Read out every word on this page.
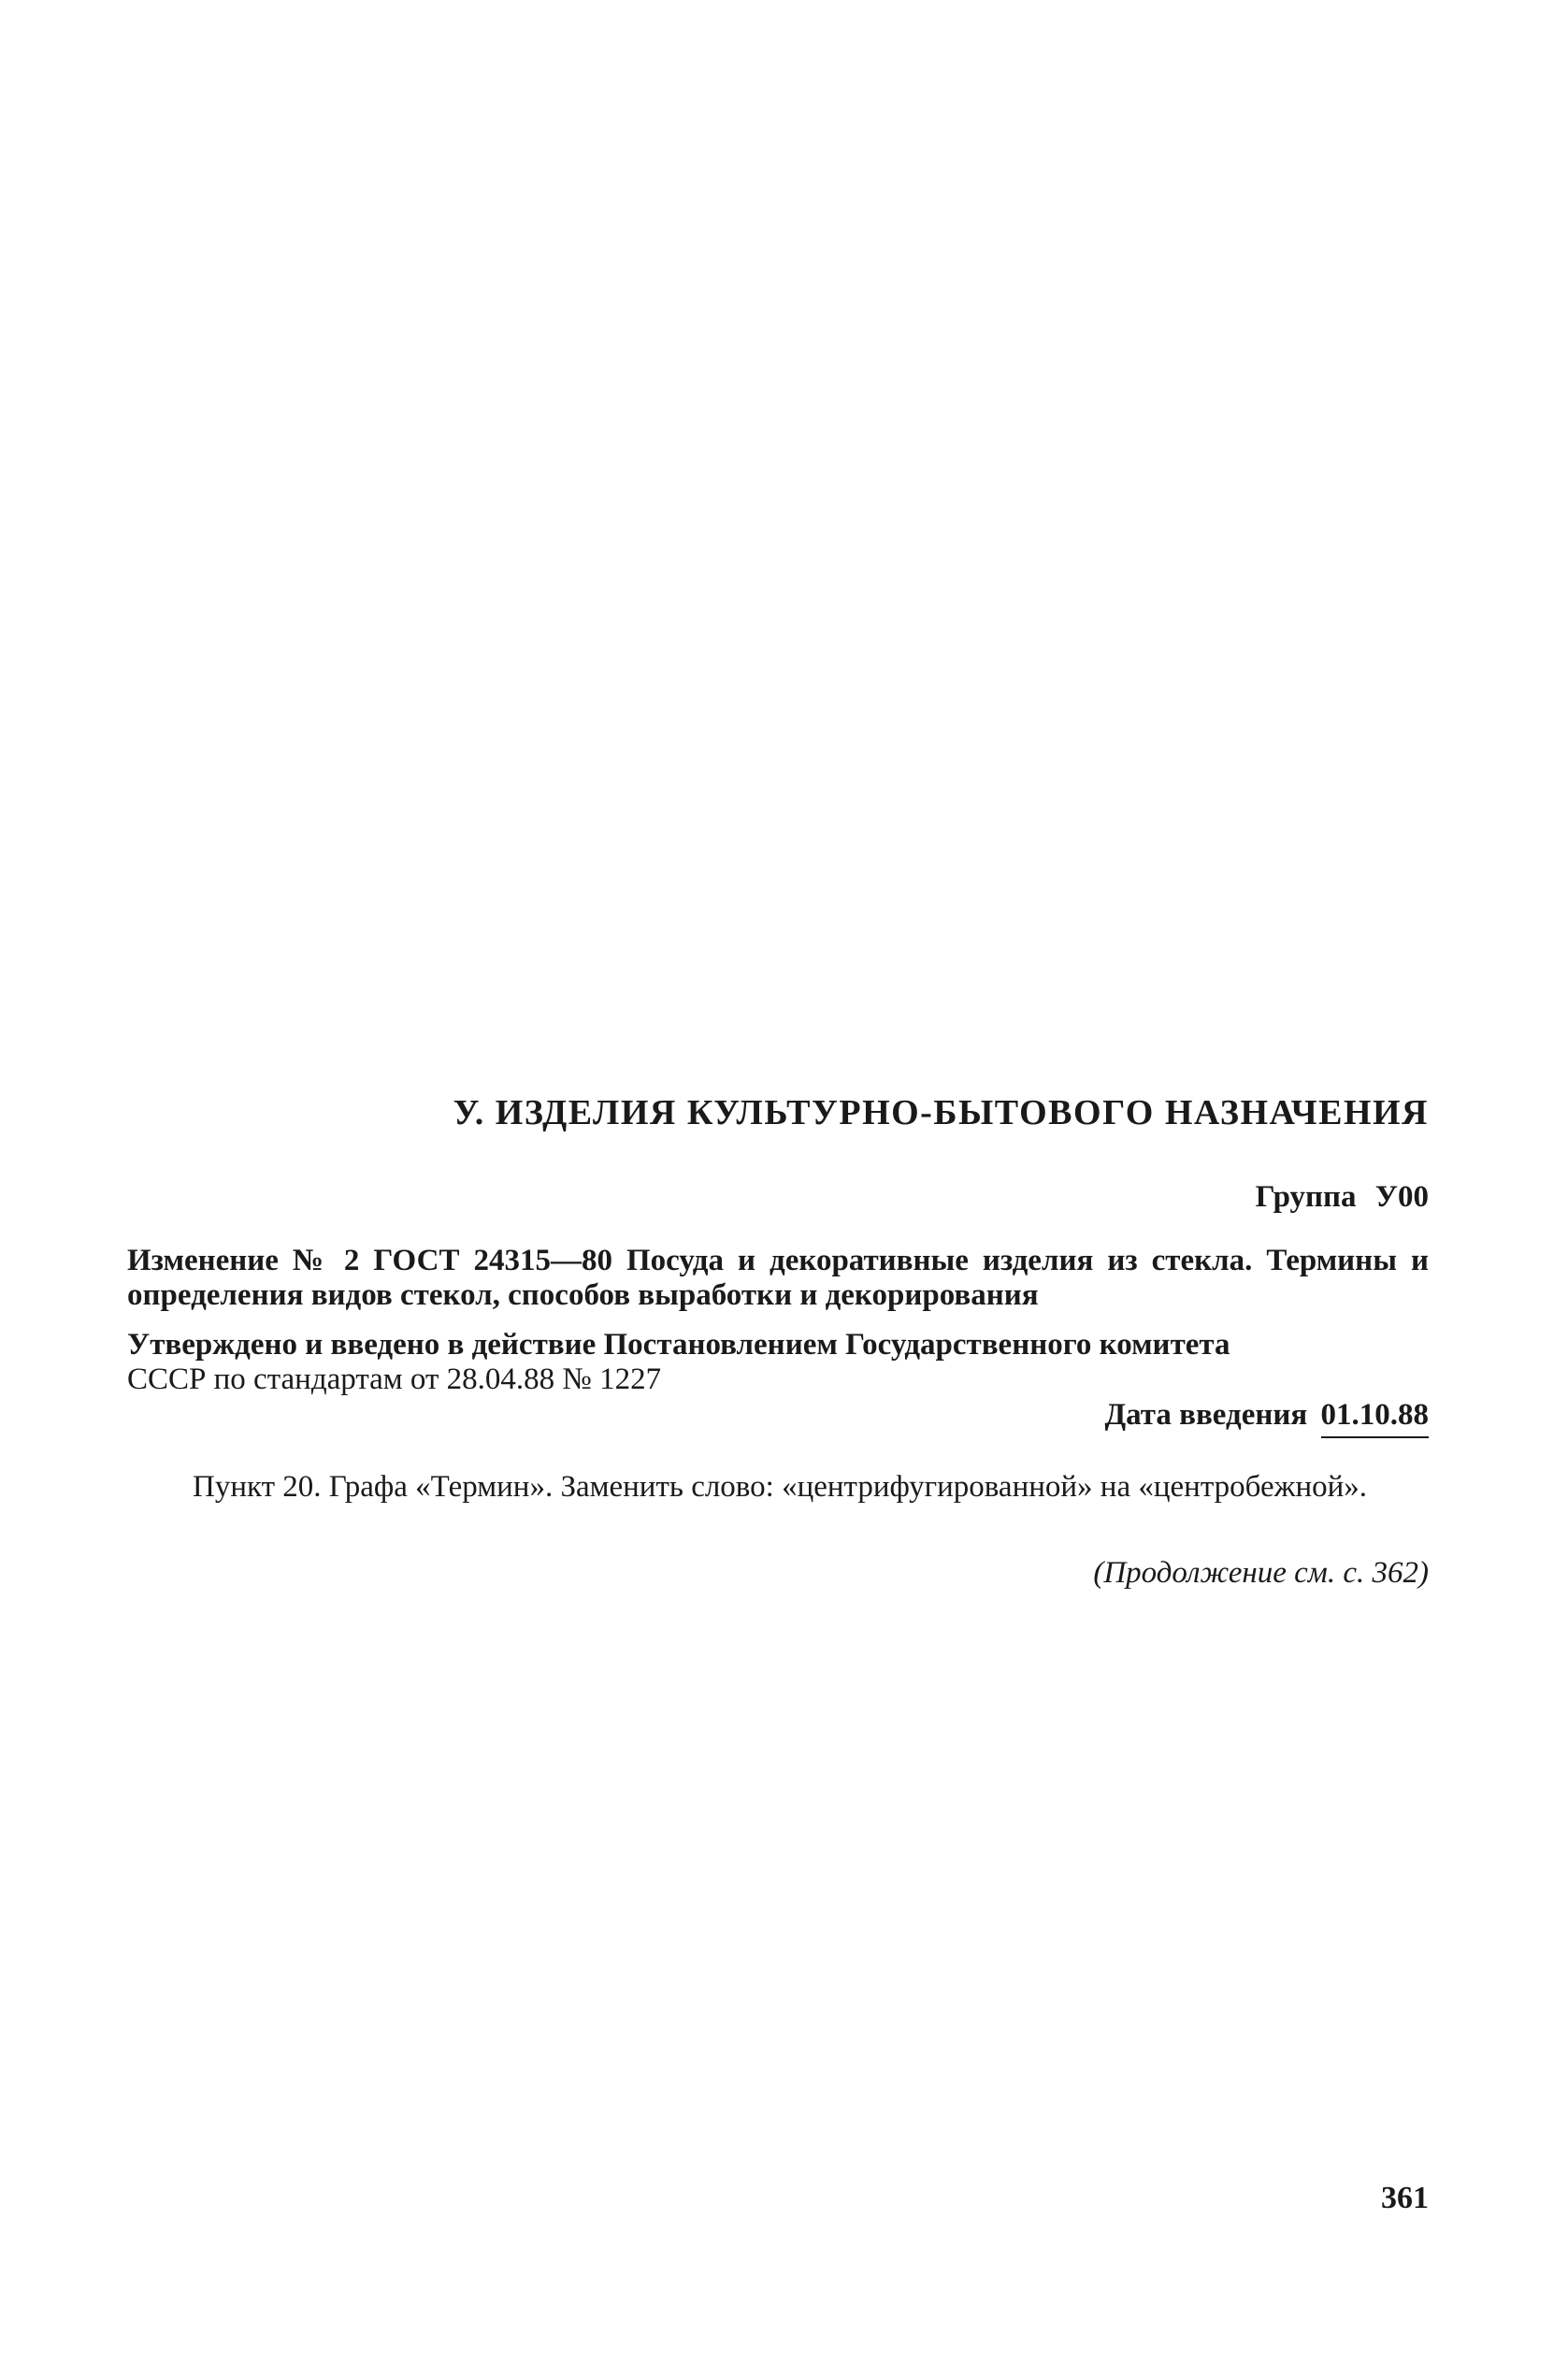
У. ИЗДЕЛИЯ КУЛЬТУРНО-БЫТОВОГО НАЗНАЧЕНИЯ
Группа У00

Изменение № 2 ГОСТ 24315—80 Посуда и декоративные изделия из стекла. Термины и определения видов стекол, способов выработки и декорирования

Утверждено и введено в действие Постановлением Государственного комитета

СССР по стандартам от 28.04.88 № 1227

Дата введения 01.10.88

Пункт 20. Графа «Термин». Заменить слово: «центрифугированной» на «центробежной».

(Продолжение см. с. 362)
361
